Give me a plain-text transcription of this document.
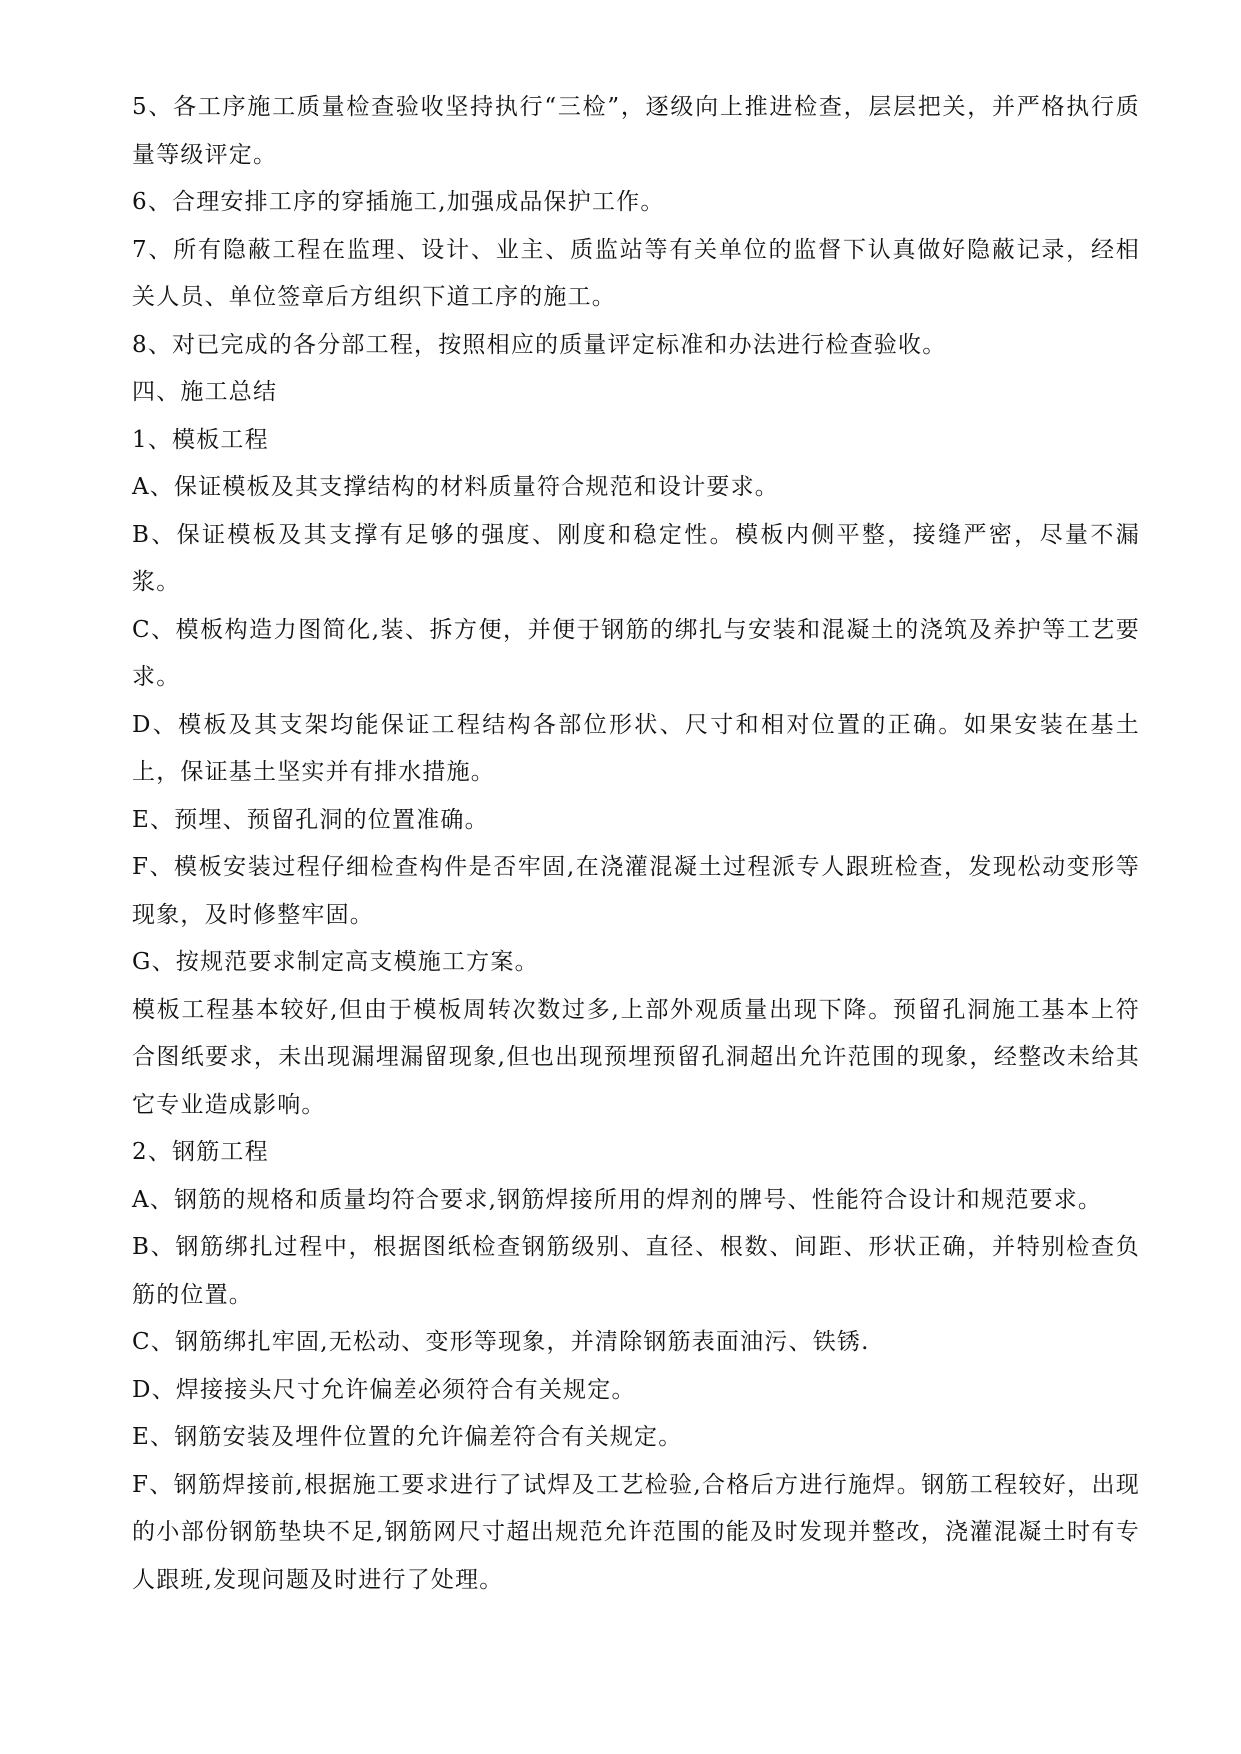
5、各工序施工质量检查验收坚持执行“三检”，逐级向上推进检查，层层把关，并严格执行质量等级评定。

6、合理安排工序的穿插施工,加强成品保护工作。

7、所有隐蔽工程在监理、设计、业主、质监站等有关单位的监督下认真做好隐蔽记录，经相关人员、单位签章后方组织下道工序的施工。

8、对已完成的各分部工程，按照相应的质量评定标准和办法进行检查验收。

四、施工总结

1、模板工程

A、保证模板及其支撑结构的材料质量符合规范和设计要求。

B、保证模板及其支撑有足够的强度、刚度和稳定性。模板内侧平整，接缝严密，尽量不漏浆。

C、模板构造力图简化,装、拆方便，并便于钢筋的绑扎与安装和混凝土的浇筑及养护等工艺要求。

D、模板及其支架均能保证工程结构各部位形状、尺寸和相对位置的正确。如果安装在基土上，保证基土坚实并有排水措施。

E、预埋、预留孔洞的位置准确。

F、模板安装过程仔细检查构件是否牢固,在浇灌混凝土过程派专人跟班检查，发现松动变形等现象，及时修整牢固。

G、按规范要求制定高支模施工方案。

模板工程基本较好,但由于模板周转次数过多,上部外观质量出现下降。预留孔洞施工基本上符合图纸要求，未出现漏埋漏留现象,但也出现预埋预留孔洞超出允许范围的现象，经整改未给其它专业造成影响。

2、钢筋工程

A、钢筋的规格和质量均符合要求,钢筋焊接所用的焊剂的牌号、性能符合设计和规范要求。

B、钢筋绑扎过程中，根据图纸检查钢筋级别、直径、根数、间距、形状正确，并特别检查负筋的位置。

C、钢筋绑扎牢固,无松动、变形等现象，并清除钢筋表面油污、铁锈.

D、焊接接头尺寸允许偏差必须符合有关规定。

E、钢筋安装及埋件位置的允许偏差符合有关规定。

F、钢筋焊接前,根据施工要求进行了试焊及工艺检验,合格后方进行施焊。钢筋工程较好，出现的小部份钢筋垫块不足,钢筋网尺寸超出规范允许范围的能及时发现并整改，浇灌混凝土时有专人跟班,发现问题及时进行了处理。
